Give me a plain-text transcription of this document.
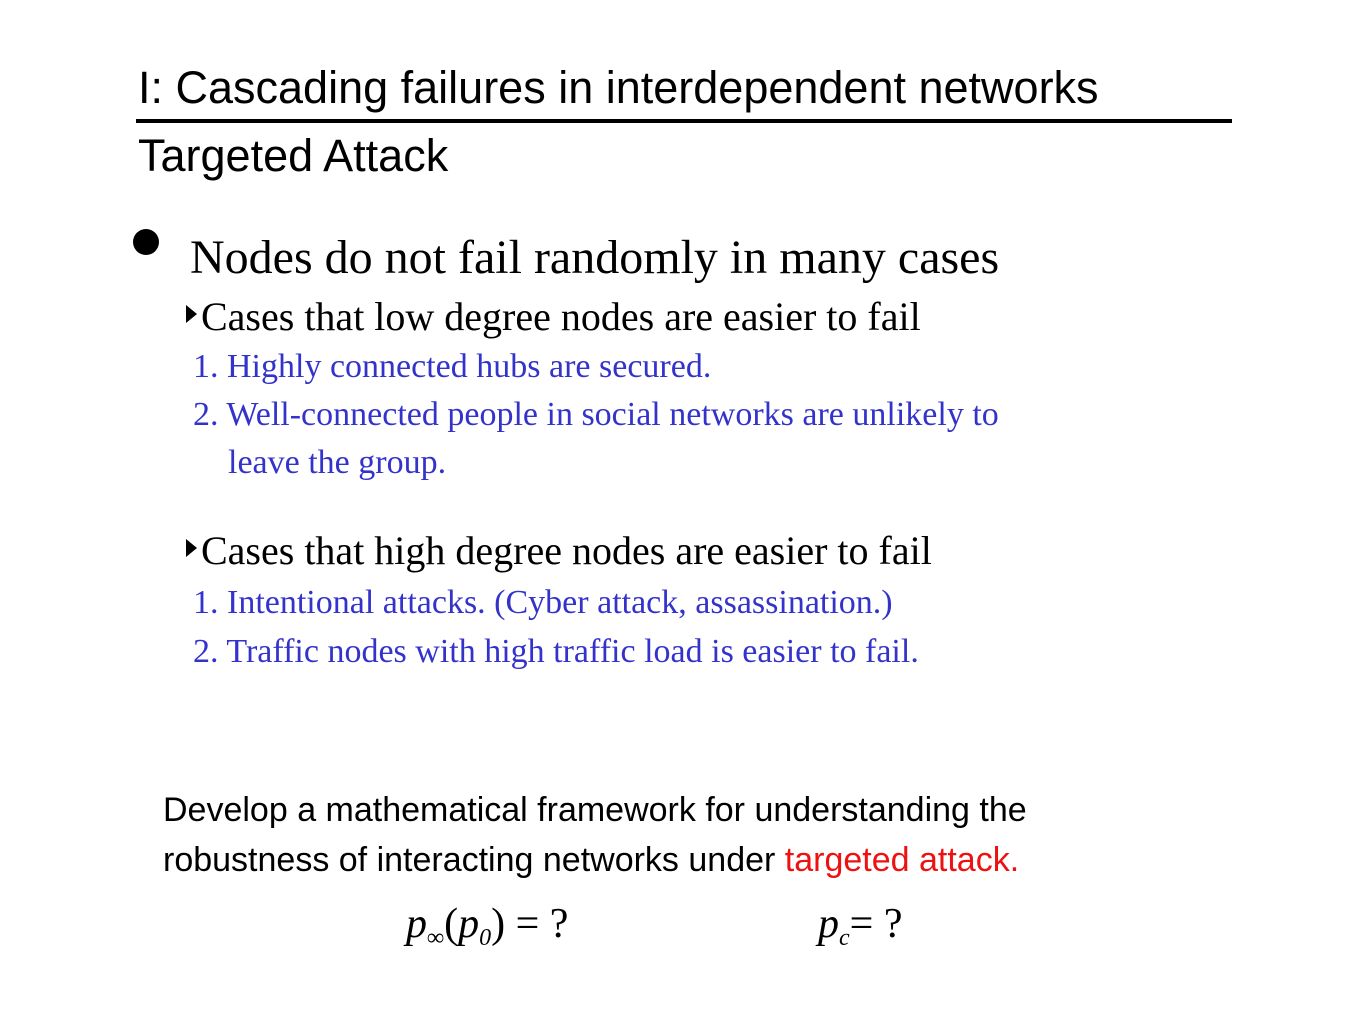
I: Cascading failures in interdependent networks
Targeted Attack
Nodes do not fail randomly in many cases
Cases that low degree nodes are easier to fail
1. Highly connected hubs are secured.
2. Well-connected people in social networks are unlikely to
leave the group.
Cases that high degree nodes are easier to fail
1. Intentional attacks. (Cyber attack, assassination.)
2. Traffic nodes with high traffic load is easier to fail.
Develop a mathematical framework for understanding the
robustness of interacting networks under targeted attack.
$p_\infty(p_0)$ = ?	$p_c=$ ?
